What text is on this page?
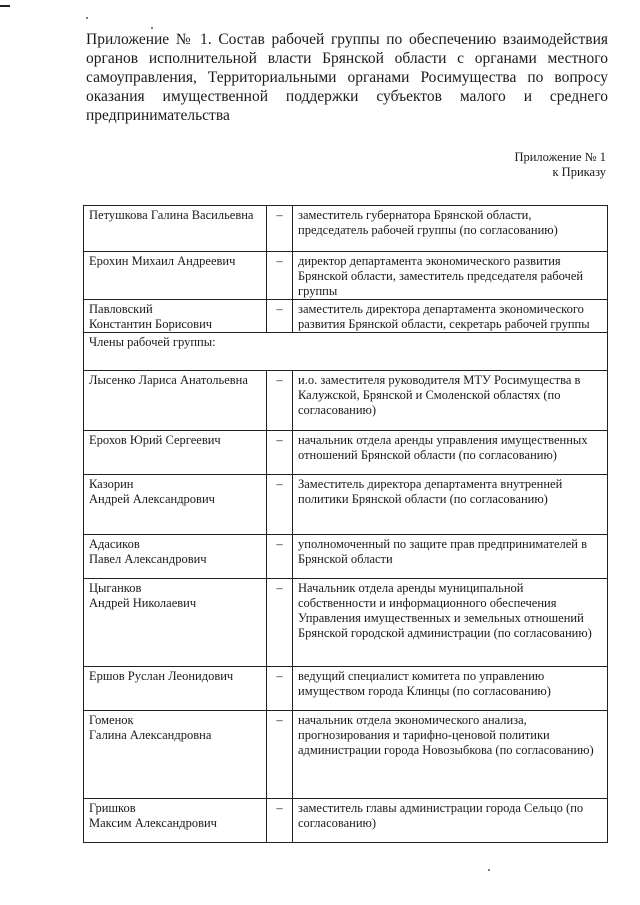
Приложение № 1. Состав рабочей группы по обеспечению взаимодействия органов исполнительной власти Брянской области с органами местного самоуправления, Территориальными органами Росимущества по вопросу оказания имущественной поддержки субъектов малого и среднего предпринимательства
Приложение № 1
к Приказу
Петушкова Галина Васильевна	–	заместитель губернатора Брянской области, председатель рабочей группы (по согласованию)

Ерохин Михаил Андреевич	–	директор департамента экономического развития Брянской области, заместитель председателя рабочей группы

Павловский
Константин Борисович	–	заместитель директора департамента экономического развития Брянской области, секретарь рабочей группы
Члены рабочей группы:		

Лысенко Лариса Анатольевна	–	и.о. заместителя руководителя МТУ Росимущества в Калужской, Брянской и Смоленской областях (по согласованию)

Ерохов Юрий Сергеевич	–	начальник отдела аренды управления имущественных отношений Брянской области (по согласованию)

Казорин
Андрей Александрович	–	Заместитель директора департамента внутренней политики Брянской области (по согласованию)

Адасиков
Павел Александрович	–	уполномоченный по защите прав предпринимателей в Брянской области

Цыганков
Андрей Николаевич	–	Начальник отдела аренды муниципальной собственности и информационного обеспечения Управления имущественных и земельных отношений Брянской городской администрации (по согласованию)

Ершов Руслан Леонидович	–	ведущий специалист комитета по управлению имуществом города Клинцы (по согласованию)

Гоменок
Галина Александровна	–	начальник отдела экономического анализа, прогнозирования и тарифно-ценовой политики администрации города Новозыбкова (по согласованию)

Гришков
Максим Александрович	–	заместитель главы администрации города Сельцо (по согласованию)
